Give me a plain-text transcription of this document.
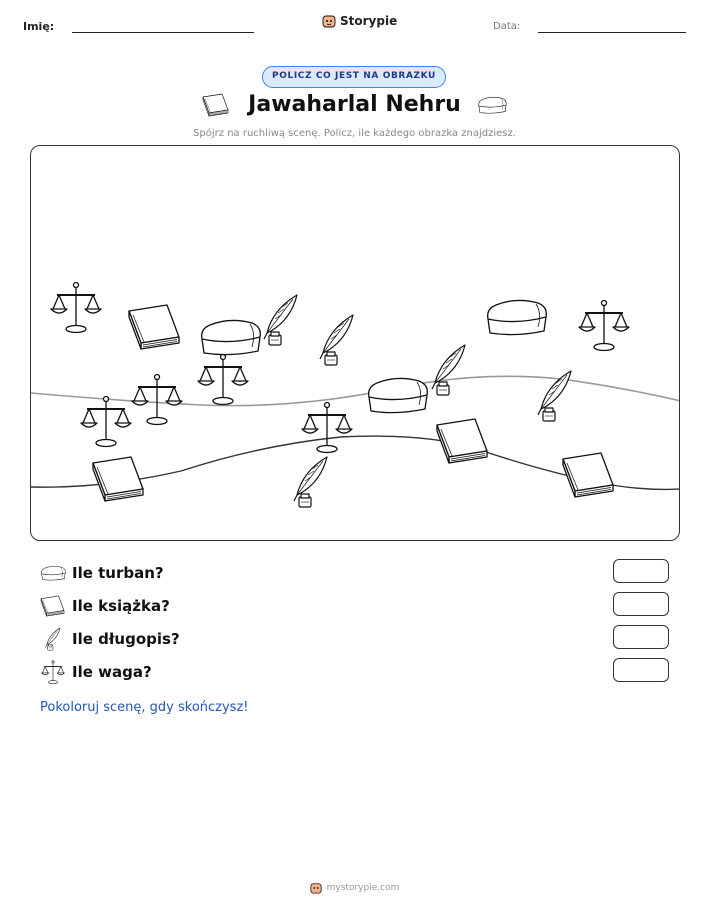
Imię:	Storypie	Data:
POLICZ CO JEST NA OBRAZKU
Jawaharlal Nehru
Spójrz na ruchliwą scenę. Policz, ile każdego obrazka znajdziesz.
Ile turban?
Ile książka?
Ile długopis?
Ile waga?
Pokoloruj scenę, gdy skończysz!
mystorypie.com
